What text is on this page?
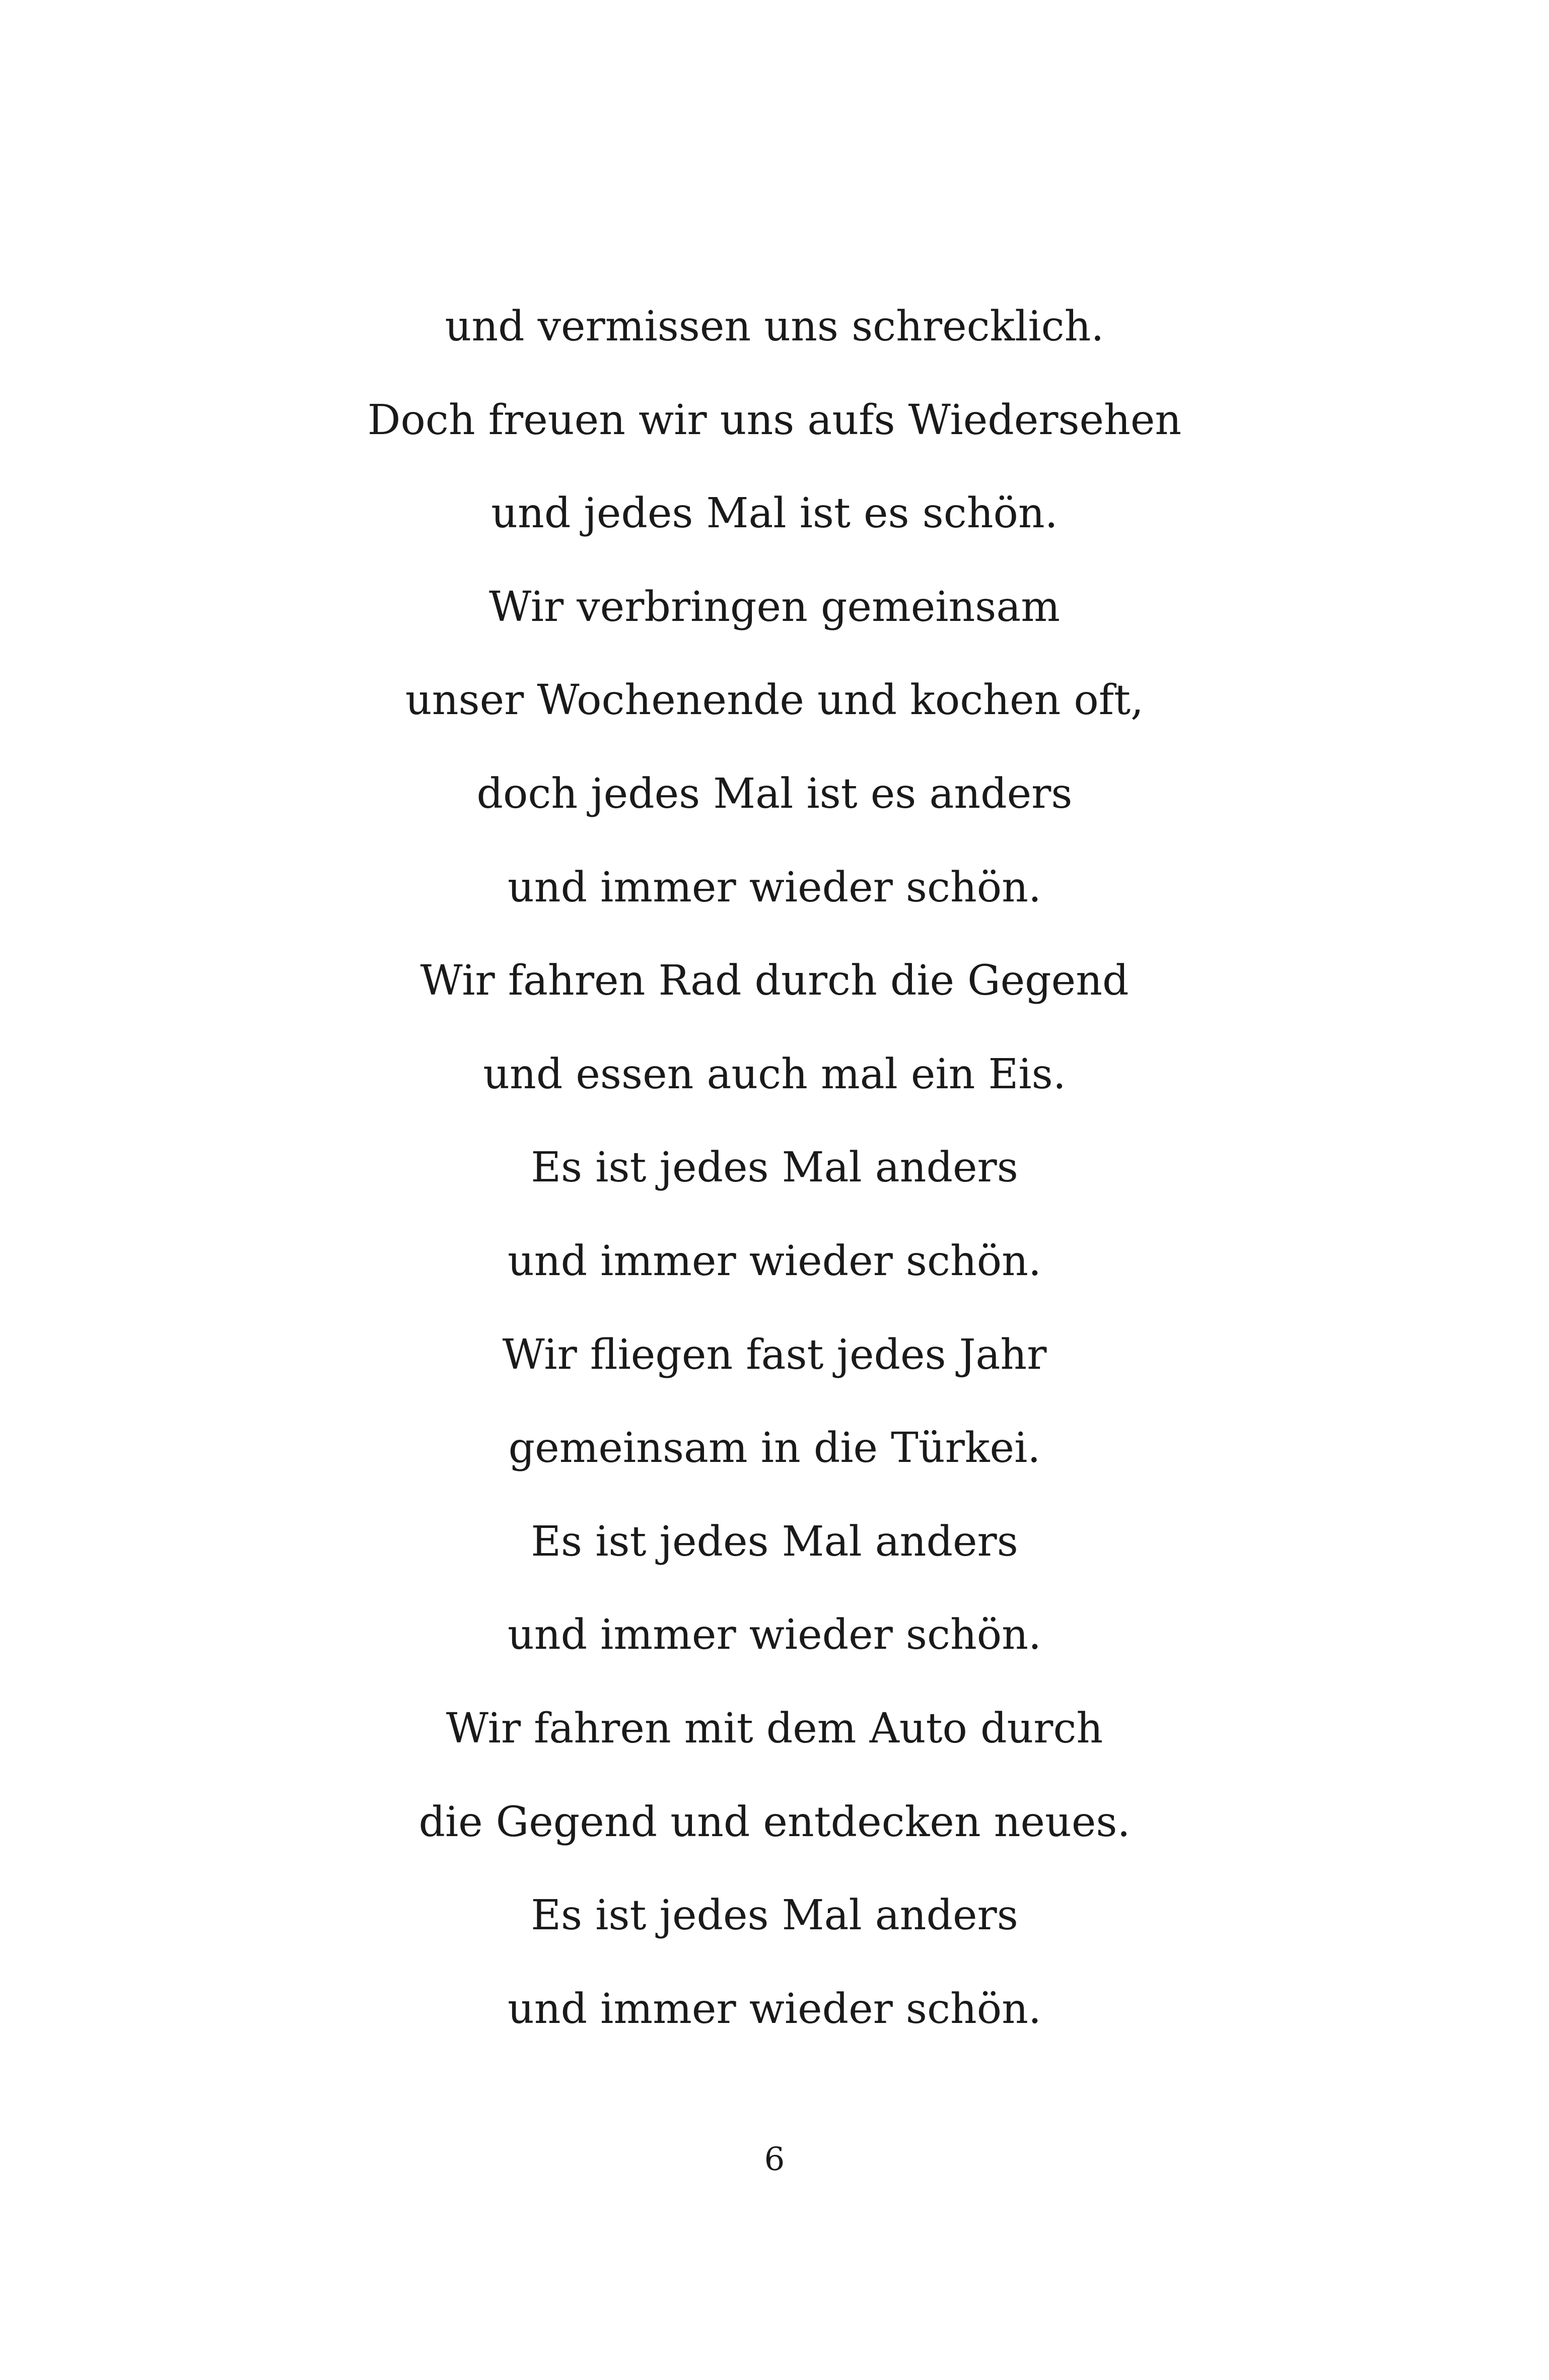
und vermissen uns schrecklich.
Doch freuen wir uns aufs Wiedersehen
und jedes Mal ist es schön.
Wir verbringen gemeinsam
unser Wochenende und kochen oft,
doch jedes Mal ist es anders
und immer wieder schön.
Wir fahren Rad durch die Gegend
und essen auch mal ein Eis.
Es ist jedes Mal anders
und immer wieder schön.
Wir fliegen fast jedes Jahr
gemeinsam in die Türkei.
Es ist jedes Mal anders
und immer wieder schön.
Wir fahren mit dem Auto durch
die Gegend und entdecken neues.
Es ist jedes Mal anders
und immer wieder schön.
6
